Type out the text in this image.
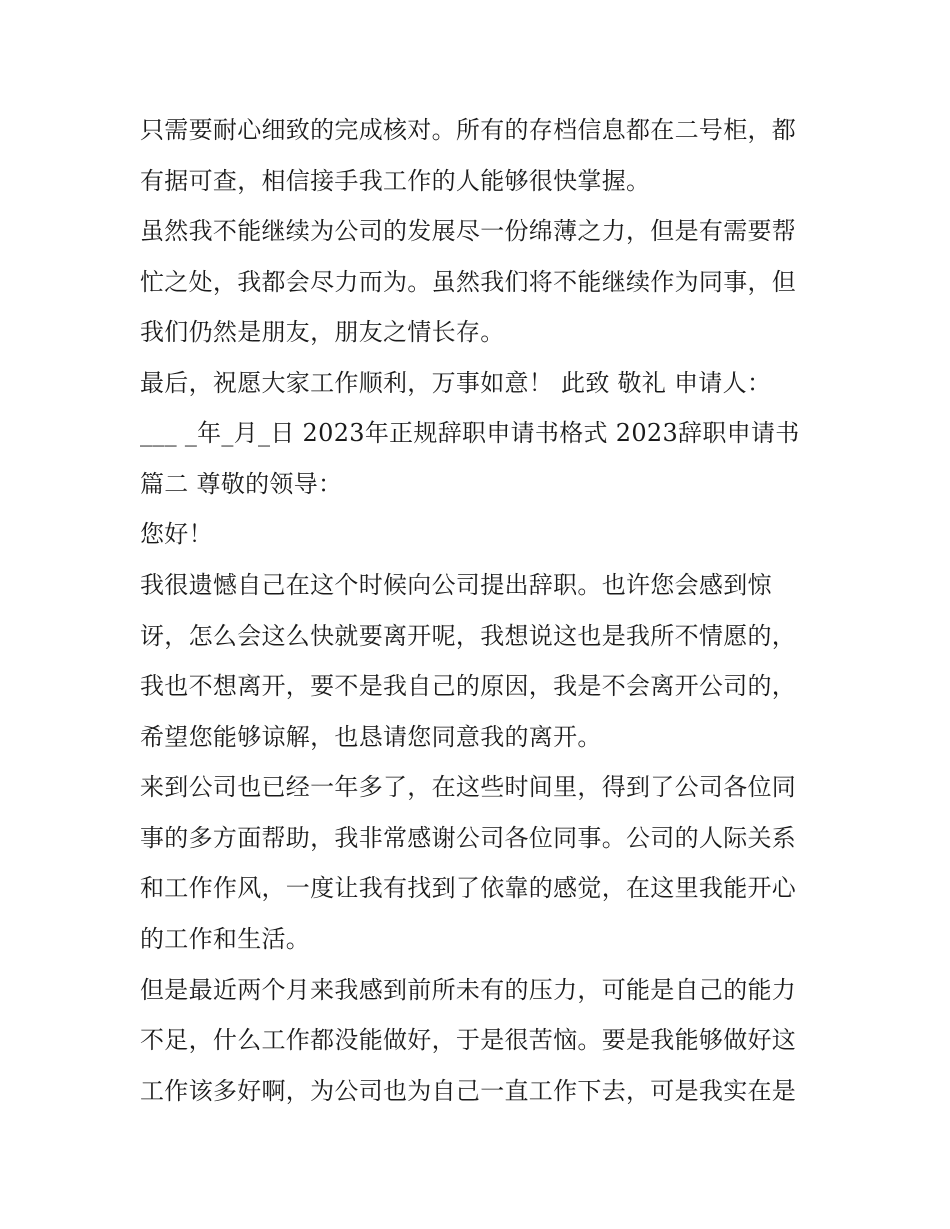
只需要耐心细致的完成核对。所有的存档信息都在二号柜，都
有据可查，相信接手我工作的人能够很快掌握。
虽然我不能继续为公司的发展尽一份绵薄之力，但是有需要帮
忙之处，我都会尽力而为。虽然我们将不能继续作为同事，但
我们仍然是朋友，朋友之情长存。
最后，祝愿大家工作顺利，万事如意！ 此致 敬礼 申请人：
___ _年_月_日 2023年正规辞职申请书格式 2023辞职申请书
篇二 尊敬的领导：
您好！
我很遗憾自己在这个时候向公司提出辞职。也许您会感到惊
讶，怎么会这么快就要离开呢，我想说这也是我所不情愿的，
我也不想离开，要不是我自己的原因，我是不会离开公司的，
希望您能够谅解，也恳请您同意我的离开。
来到公司也已经一年多了，在这些时间里，得到了公司各位同
事的多方面帮助，我非常感谢公司各位同事。公司的人际关系
和工作作风，一度让我有找到了依靠的感觉，在这里我能开心
的工作和生活。
但是最近两个月来我感到前所未有的压力，可能是自己的能力
不足，什么工作都没能做好，于是很苦恼。要是我能够做好这
工作该多好啊，为公司也为自己一直工作下去，可是我实在是
